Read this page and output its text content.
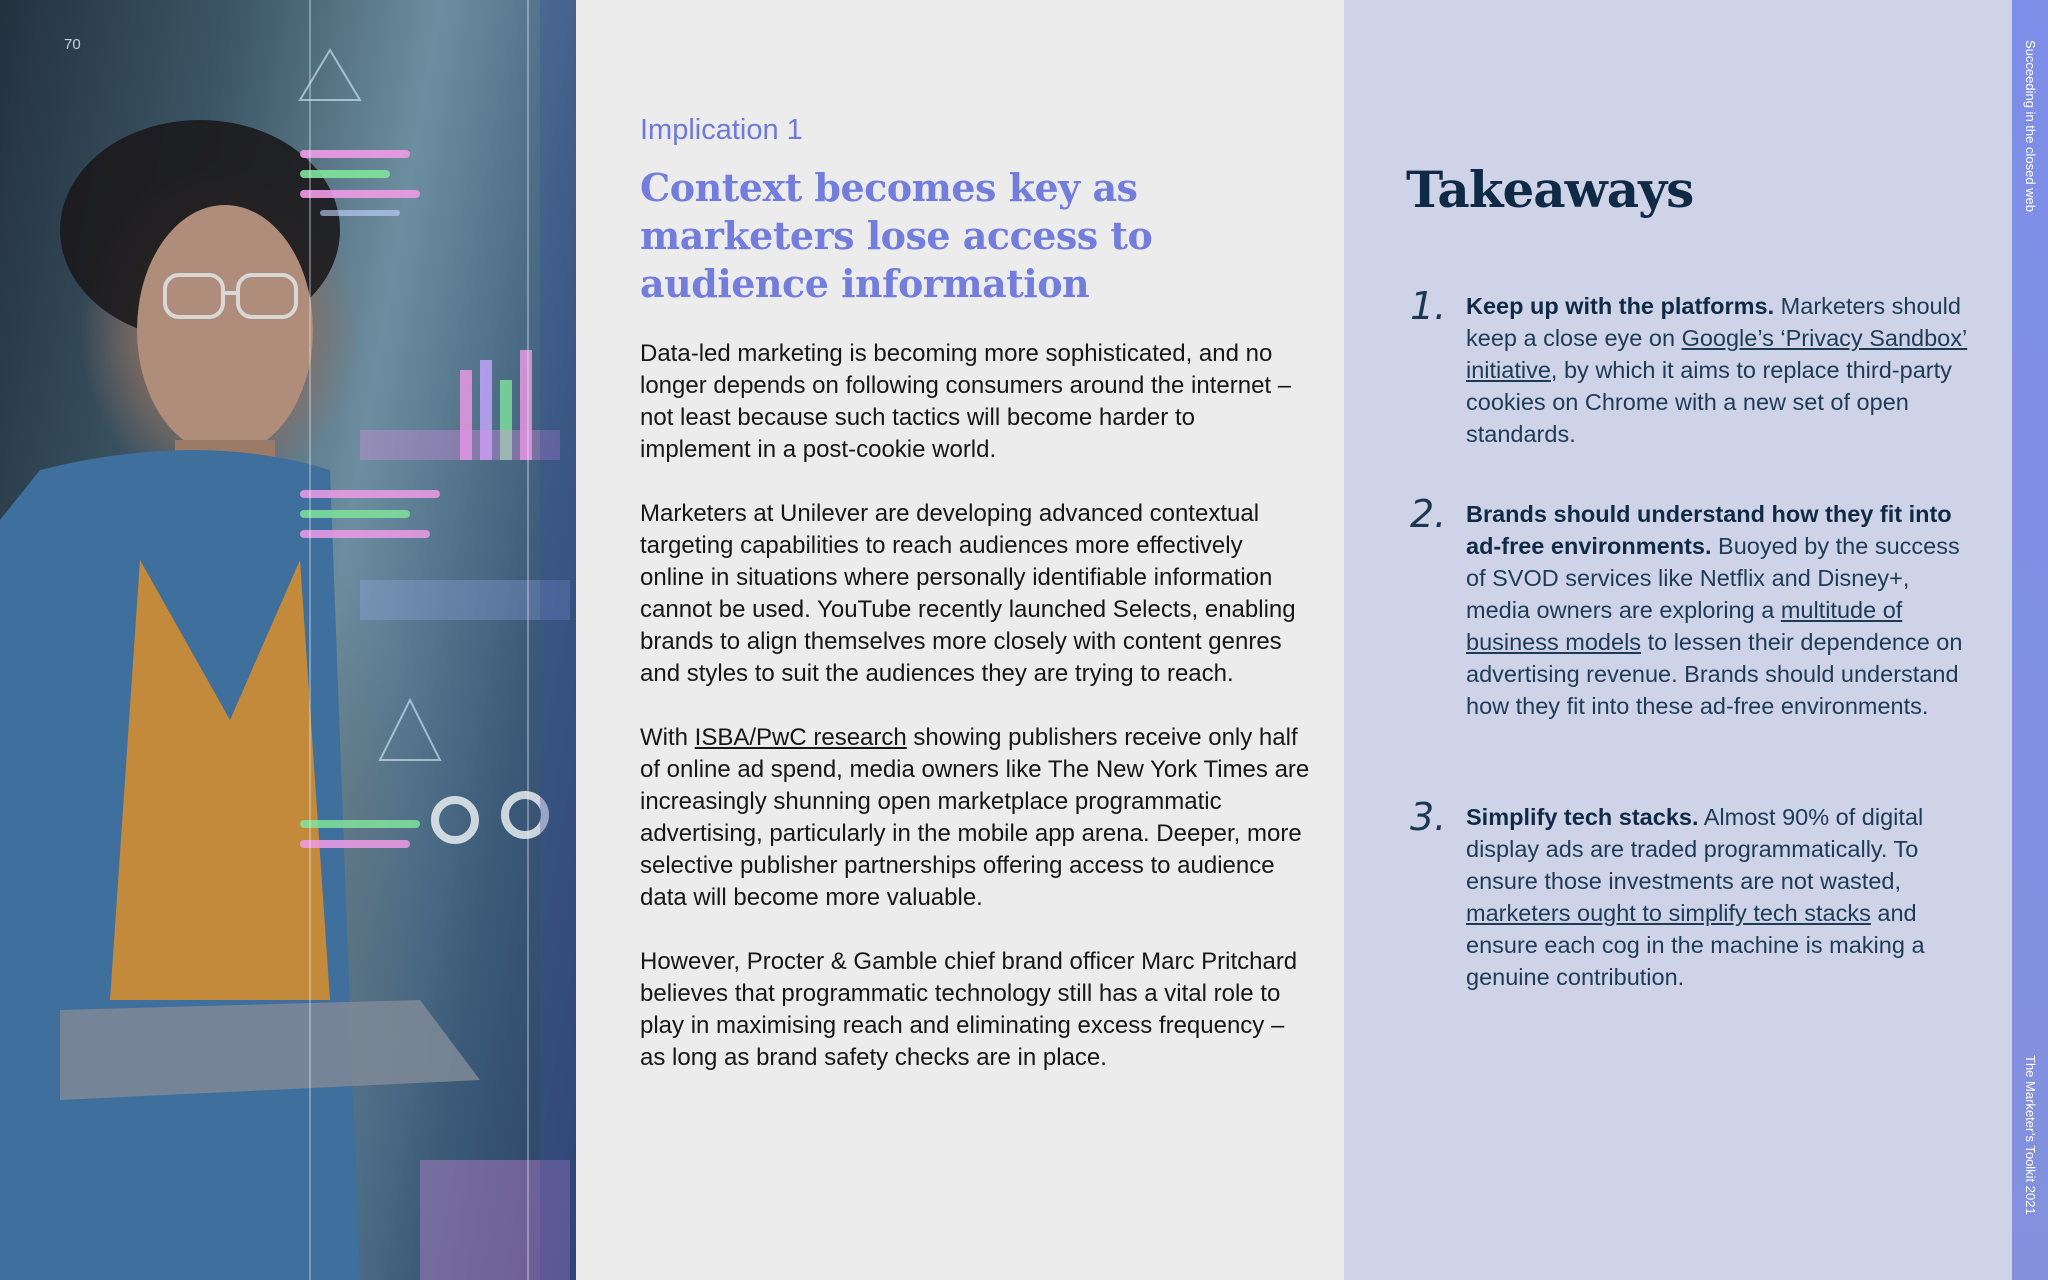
70
Implication 1
Context becomes key as marketers lose access to audience information

Data-led marketing is becoming more sophisticated, and no longer depends on following consumers around the internet – not least because such tactics will become harder to implement in a post-cookie world.

Marketers at Unilever are developing advanced contextual targeting capabilities to reach audiences more effectively online in situations where personally identifiable information cannot be used. YouTube recently launched Selects, enabling brands to align themselves more closely with content genres and styles to suit the audiences they are trying to reach.

With ISBA/PwC research showing publishers receive only half of online ad spend, media owners like The New York Times are increasingly shunning open marketplace programmatic advertising, particularly in the mobile app arena. Deeper, more selective publisher partnerships offering access to audience data will become more valuable.

However, Procter & Gamble chief brand officer Marc Pritchard believes that programmatic technology still has a vital role to play in maximising reach and eliminating excess frequency – as long as brand safety checks are in place.

Takeaways
1. Keep up with the platforms. Marketers should keep a close eye on Google’s ‘Privacy Sandbox’ initiative, by which it aims to replace third-party cookies on Chrome with a new set of open standards.
2. Brands should understand how they fit into ad-free environments. Buoyed by the success of SVOD services like Netflix and Disney+, media owners are exploring a multitude of business models to lessen their dependence on advertising revenue. Brands should understand how they fit into these ad-free environments.
3. Simplify tech stacks. Almost 90% of digital display ads are traded programmatically. To ensure those investments are not wasted, marketers ought to simplify tech stacks and ensure each cog in the machine is making a genuine contribution.
Succeeding in the closed web
The Marketer’s Toolkit 2021
